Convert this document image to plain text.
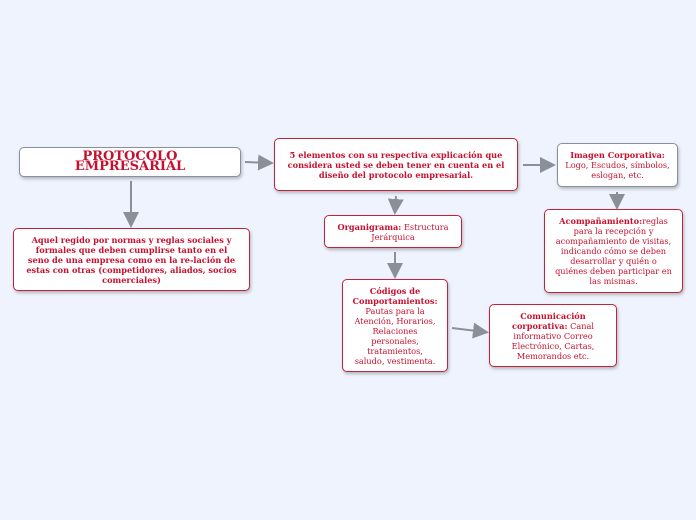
PROTOCOLO EMPRESARIAL
Aquel regido por normas y reglas sociales y formales que deben cumplirse tanto en el seno de una empresa como en la re-lación de estas con otras (competidores, aliados, socios comerciales)
5 elementos con su respectiva explicación que considera usted se deben tener en cuenta en el diseño del protocolo empresarial.
Imagen Corporativa:
Logo, Escudos, símbolos, eslogan, etc.
Acompañamiento:reglas para la recepción y acompañamiento de visitas, indicando cómo se deben desarrollar y quién o quiénes deben participar en las mismas.
Organigrama: Estructura Jerárquica
Códigos de Comportamientos:
Pautas para la Atención, Horarios, Relaciones personales, tratamientos, saludo, vestimenta.
Comunicación corporativa: Canal informativo Correo Electrónico, Cartas, Memorandos etc.
